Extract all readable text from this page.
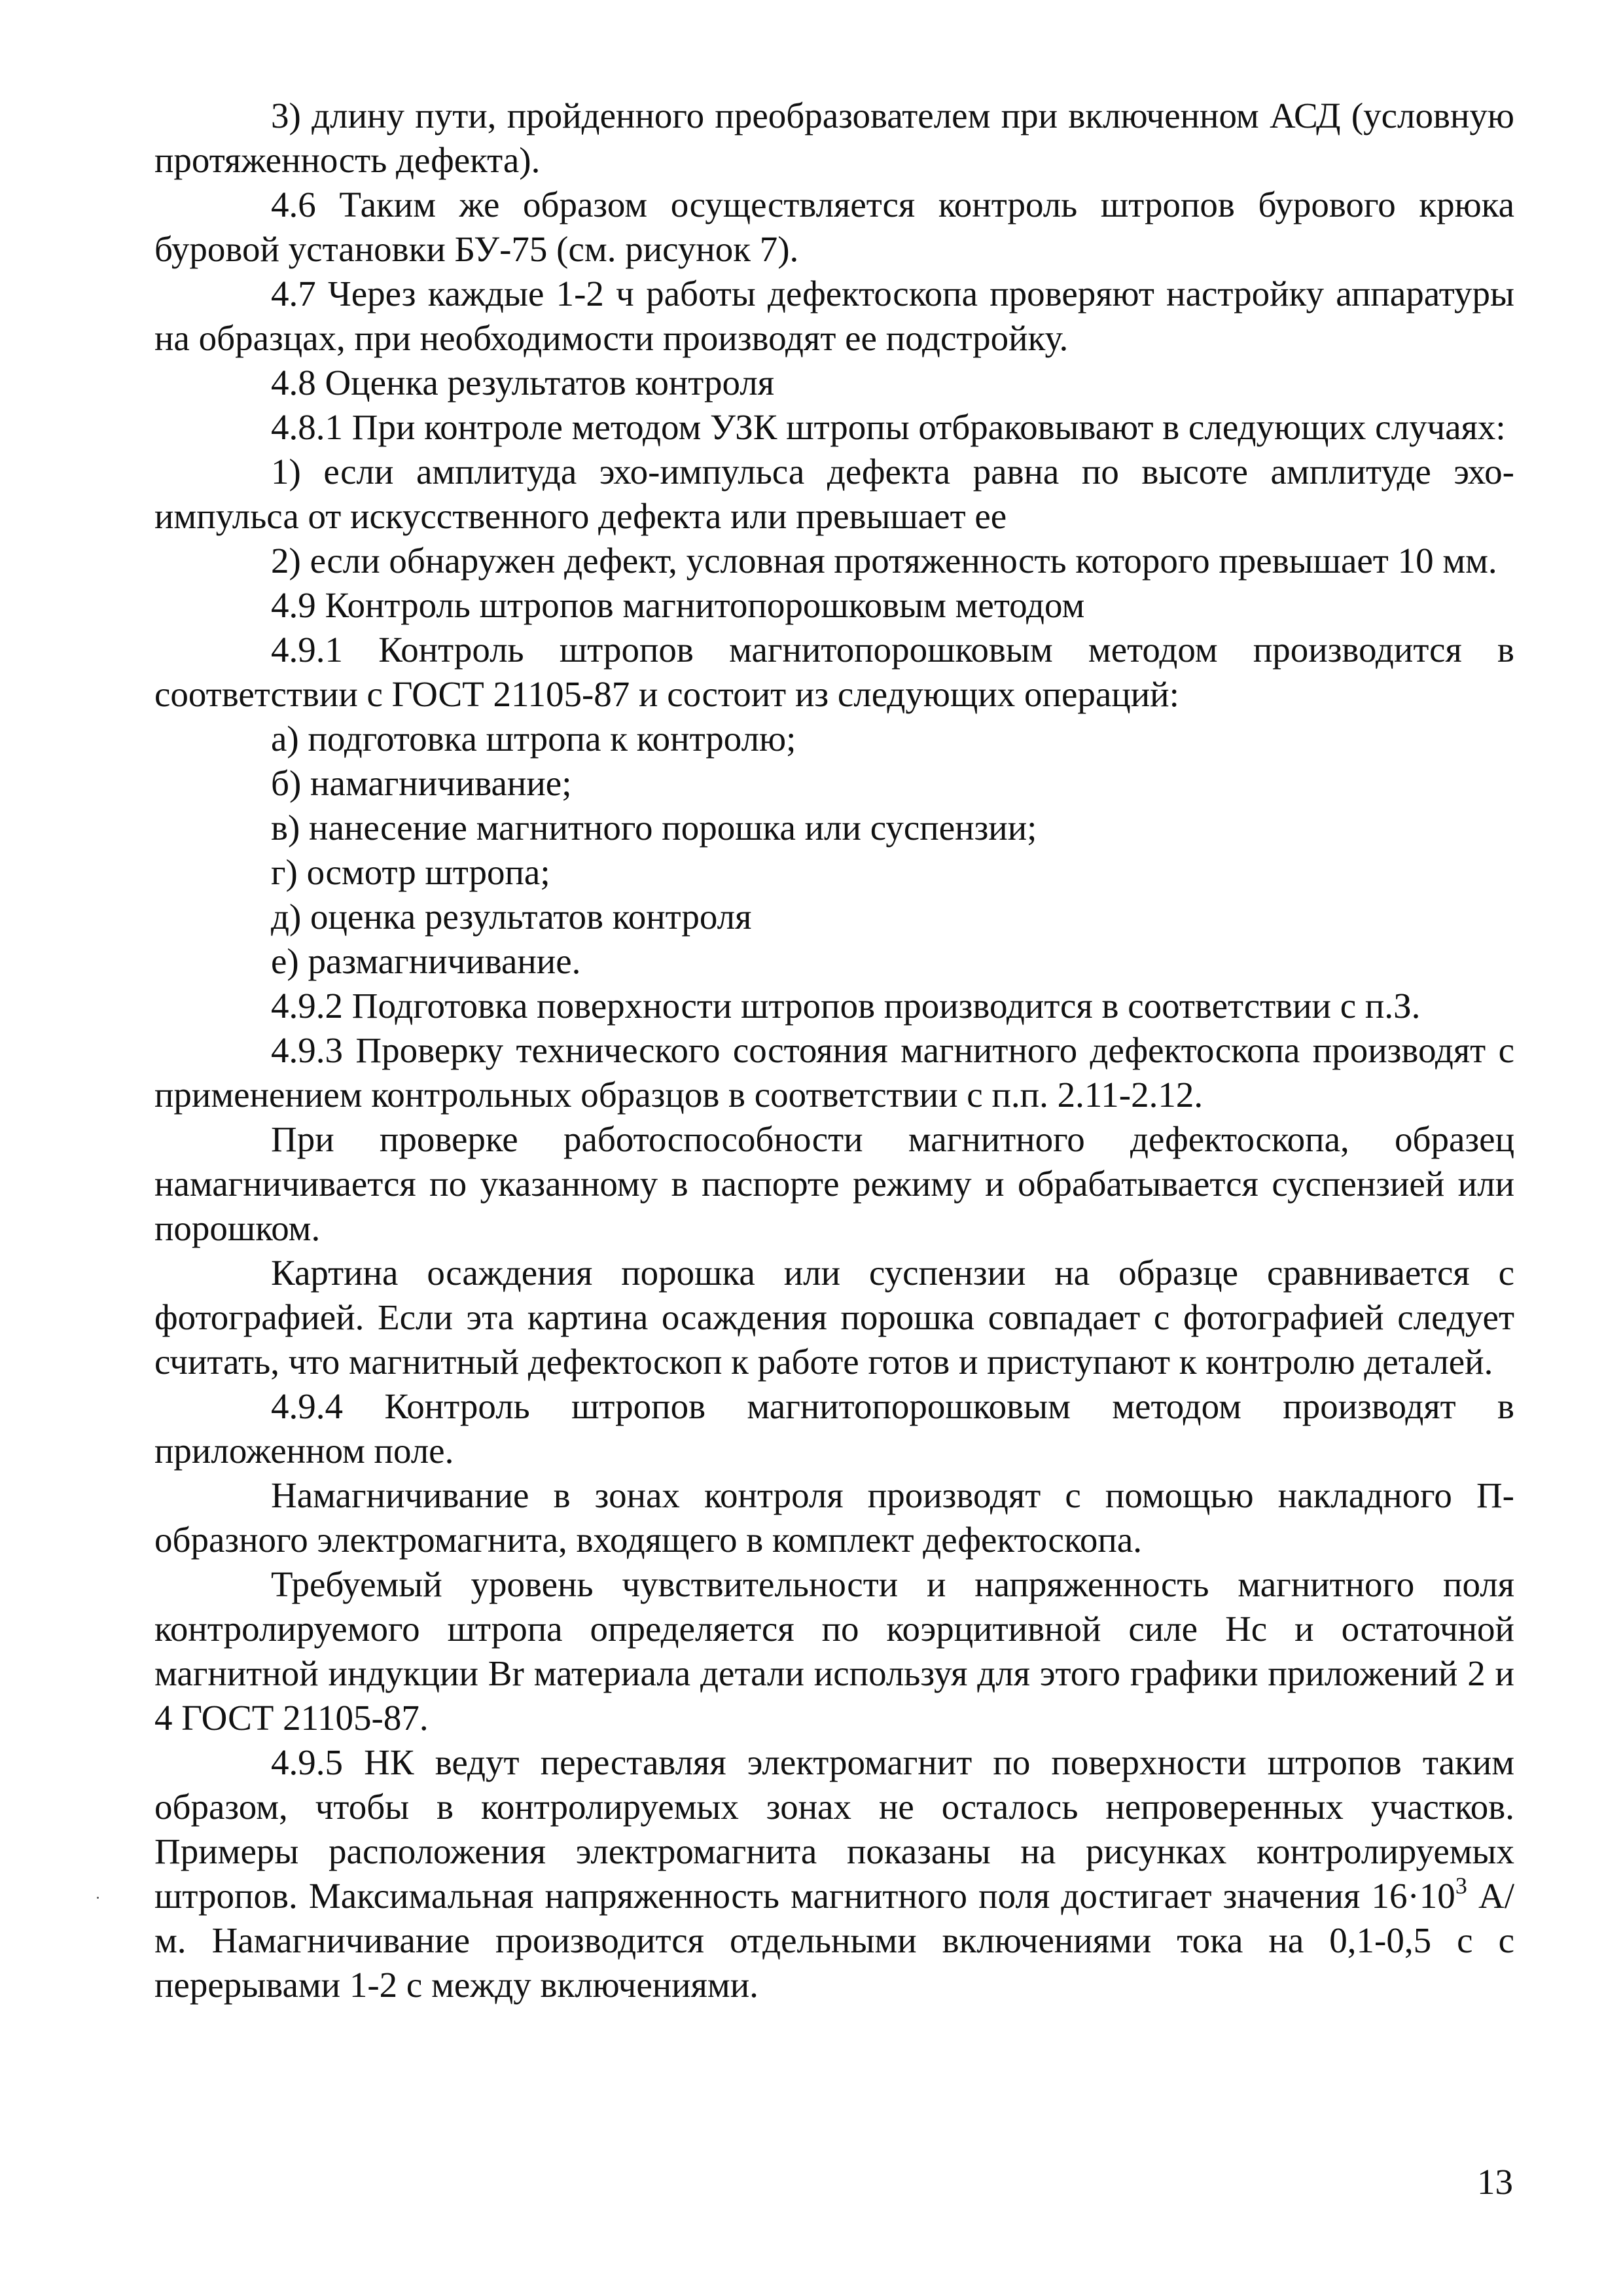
3) длину пути, пройденного преобразователем при включенном АСД (условную протяженность дефекта).

4.6 Таким же образом осуществляется контроль штропов бурового крюка буровой установки БУ-75 (см. рисунок 7).

4.7 Через каждые 1-2 ч работы дефектоскопа проверяют настройку аппаратуры на образцах, при необходимости производят ее подстройку.

4.8 Оценка результатов контроля

4.8.1 При контроле методом УЗК штропы отбраковывают в следующих случаях:

1) если амплитуда эхо-импульса дефекта равна по высоте амплитуде эхо-импульса от искусственного дефекта или превышает ее

2) если обнаружен дефект, условная протяженность которого превышает 10 мм.

4.9 Контроль штропов магнитопорошковым методом

4.9.1 Контроль штропов магнитопорошковым методом производится в соответствии с ГОСТ 21105-87 и состоит из следующих операций:

а) подготовка штропа к контролю;

б) намагничивание;

в) нанесение магнитного порошка или суспензии;

г) осмотр штропа;

д) оценка результатов контроля

е) размагничивание.

4.9.2 Подготовка поверхности штропов производится в соответствии с п.З.

4.9.3 Проверку технического состояния магнитного дефектоскопа производят с применением контрольных образцов в соответствии с п.п. 2.11-2.12.

При проверке работоспособности магнитного дефектоскопа, образец намагничивается по указанному в паспорте режиму и обрабатывается суспензией или порошком.

Картина осаждения порошка или суспензии на образце сравнивается с фотографией. Если эта картина осаждения порошка совпадает с фотографией следует считать, что магнитный дефектоскоп к работе готов и приступают к контролю деталей.

4.9.4 Контроль штропов магнитопорошковым методом производят в приложенном поле.

Намагничивание в зонах контроля производят с помощью накладного П-образного электромагнита, входящего в комплект дефектоскопа.

Требуемый уровень чувствительности и напряженность магнитного поля контролируемого штропа определяется по коэрцитивной силе Нс и остаточной магнитной индукции Br материала детали используя для этого графики приложений 2 и 4 ГОСТ 21105-87.

4.9.5 НК ведут переставляя электромагнит по поверхности штропов таким образом, чтобы в контролируемых зонах не осталось непроверенных участков. Примеры расположения электромагнита показаны на рисунках контролируемых штропов. Максимальная напряженность магнитного поля достигает значения $16\cdot 10^3$ А/м. Намагничивание производится отдельными включениями тока на 0,1-0,5 с с перерывами 1-2 с между включениями.

13
